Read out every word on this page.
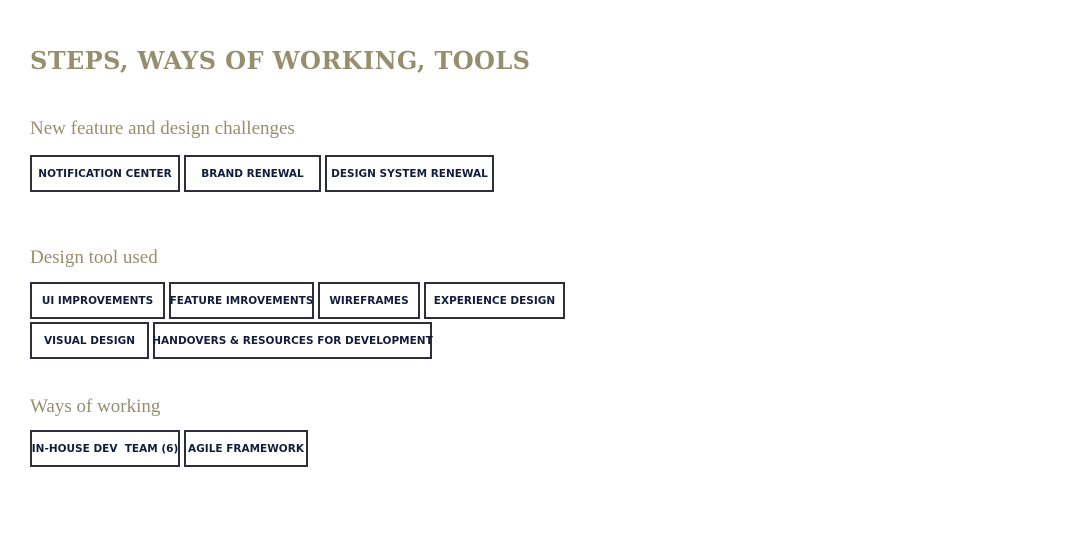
STEPS, WAYS OF WORKING, TOOLS
New feature and design challenges
NOTIFICATION CENTER	BRAND RENEWAL	DESIGN SYSTEM RENEWAL
Design tool used
UI IMPROVEMENTS	FEATURE IMROVEMENTS	WIREFRAMES	EXPERIENCE DESIGN
VISUAL DESIGN	HANDOVERS & RESOURCES FOR DEVELOPMENT
Ways of working
IN-HOUSE DEV  TEAM (6) AGILE FRAMEWORK
